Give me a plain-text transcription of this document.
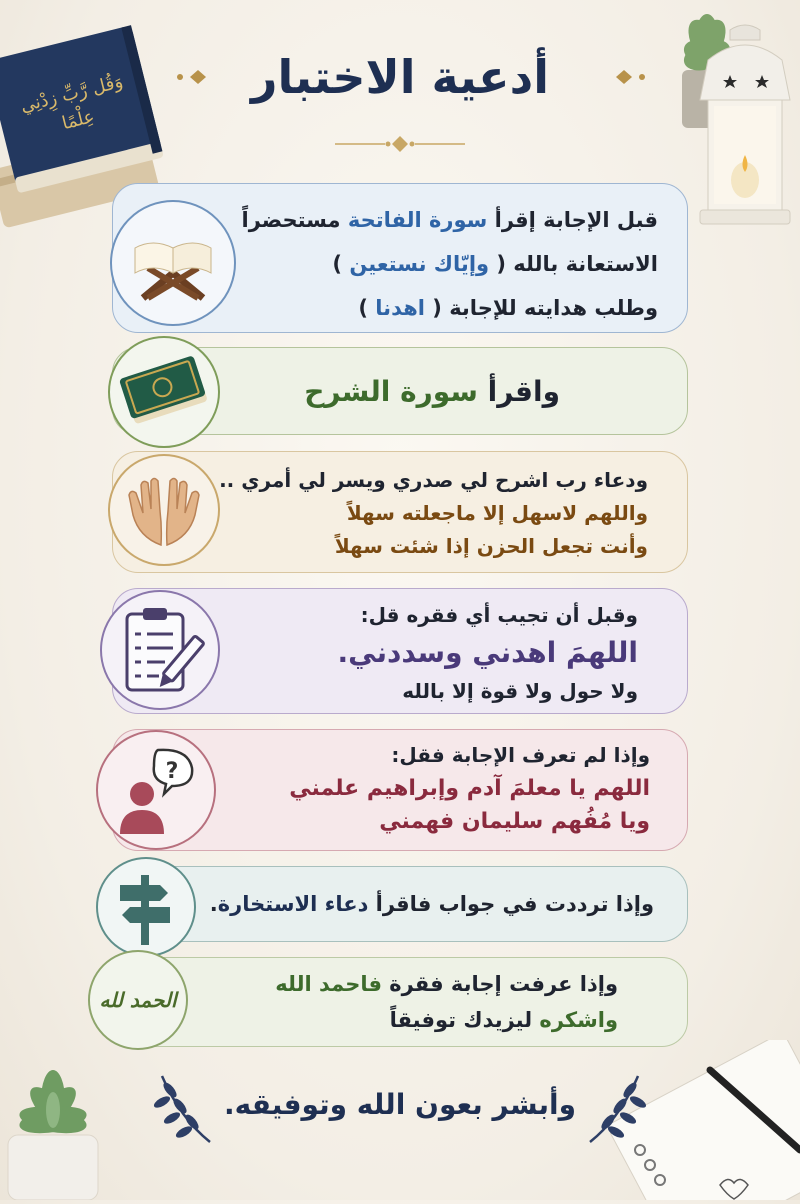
وَقُل رَّبِّ زِدْنِي عِلْمًا
أدعية الاختبار
قبل الإجابة إقرأ سورة الفاتحة مستحضراً
الاستعانة بالله ( وإيّاك نستعين )
وطلب هدايته للإجابة ( اهدنا )
واقرأ سورة الشرح
ودعاء رب اشرح لي صدري ويسر لي أمري ..
واللهم لاسهل إلا ماجعلته سهلاً
وأنت تجعل الحزن إذا شئت سهلاً
وقبل أن تجيب أي فقره قل:
اللهمَ اهدني وسددني.
ولا حول ولا قوة إلا بالله
?
وإذا لم تعرف الإجابة فقل:
اللهم يا معلمَ آدم وإبراهيم علمني
ويا مُفُهم سليمان فهمني
وإذا ترددت في جواب فاقرأ دعاء الاستخارة.
الحمد لله
وإذا عرفت إجابة فقرة فاحمد الله
واشكره ليزيدك توفيقاً
وأبشر بعون الله وتوفيقه.
